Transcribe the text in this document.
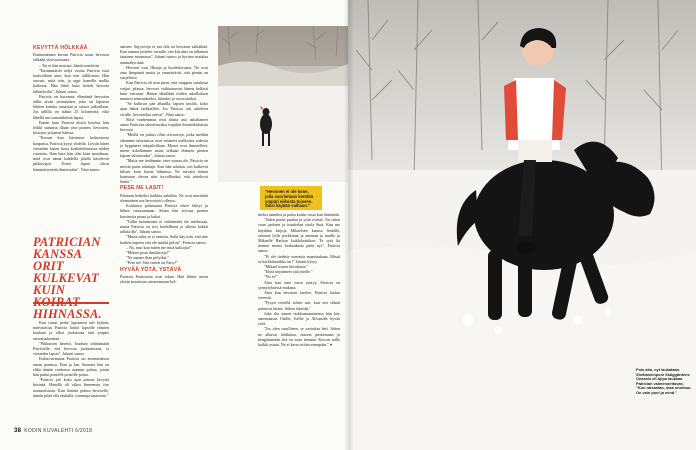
KEVYTTÄ HÖLKKÄÄ

Ensimmäinen kerran Patricia nousi hevosen selkään yksivuotiaana.

– Tai ei hän noussut, häntä nostettiin.

"Ensimmäiset neljä vuotta Patricia istui hartioillaan aina, kun tein talliltomia. Hän seurasi, mitä tein, ja oppi kamelle mallia kaikesta. Hän lähtö kuin hoiteli hevosia tähtäyksiltä", Juhani sanoo.

Patricia on kasvanut elämänsä hevosten tallin aivan ymmärtäen, joka on lapsesta lähtien kuinka ratsastaa ja seisoa jalkoillaan. Jos tallilla on isäkin 25 kilometriä, eikä lähellä asu samanikäistä lapsia.

Ennen kuin Patricia aloitti koulun, hän leikki samassa illaan vain ponien, hevosten, kissojen ja kanen kanssa.

"Kerran kun kävimme keskustassa kaupassa, Patricia kysyi yhdeltä. Löysin hänet vieraiden lasten luota koskettelemassa niiden vaatteita. Ihan kuin hän olisi kuin maailman, mitä ovat nämä kahdella jalalla kävelevät pikkuyypit. Toiset lapset olivat hämmästyneitä ihmeissään", Nina sanoo.

PATRICIAN KANSSA ORIT KULKEVAT KUIN HIHNASSA.

Kun tutusi perhe lapsineen tuli kylään, naiivuoitias Patricia laittoi lapselle ritmien kaulaan ja alkoi juoksuttaa tätä ympäri ratsastuskenttää.

"Pikkuisen hävetti. Jouduin selittämään Patricialle, että hevosia juoksutetaan, ei vieraiden lapsia", Juhani sanoo.

Kaksivuotiaana Patricia sai ensimmäisen oman poninsa, Pian ja Ian. Suomea hän on ehkä tämän vanhassa osannut puhua, jotain hän puhui poneille poneille ponia.

"Patricia piti koko ajan pienoa kevyttä hörinää. Hänellä oli oikea lämeemäy itse taomnoistaan. Kun hänitin puhuu hevoselle, tämän pitää olla rauhalla, tummuja tasaisena."

sanoen. Säyyresija ei saa olla tai hevonen säikähtää. Kun tamma juttelee varsalle, sen kin ääni on tällainen tasainen muunassa", Juhani sanoo ja hyrisee matalaa tammahyrinää.

Hevoset ovat Ilkoaja ja huolehtivaista. Ne ovat aina lämpimiä muita ja ymmärtävät, että pienin on suojeltava.

Kun Patricia oli niin pieni, että vauppuu satulassa vaijari jalassa, hevoset vaihtaaturvat hänen hellästi kuin vauvaan. Hänen lähellään niiden askelluksen muuttui tomeaakseksi, hitaaksi ja varovaiseksi.

"Se kulkivat pää alhaalla, lapsen tasolla, koko ajan häntä tarkkaillen. Jos Patricia otti askeleen sivulle, hevosetkin ottivat", Nina sanoo.

Siksi vanhemmat ovat alusta asti uskaltaneet antaa Patrician talutettavaksi isojakin ihmisiläiskuisia hevosia.

"Meillä on joskus ollut ortvaavoja, jotka meidän aikamme taluttaessa ovat vetäneet melkoista rodeota ja hyppineet takajaloillaan. Monet ovat ihmetelleet, miten uskallamme antaa selkaan elämien pienen lapsen taluttavaksi", Juhani sanoo.

"Mutta me tiedämme, ettei vaaraa ole. Patricia on meistä paras taluttaja. Kun hän taluttaa, orit kulkevat kiltisti kuin koirat hihnassa. Ne turvaisi hänen kanssaan olevaa niin turvalliseksi, että tottelevat häntä."

PESE NE LASIT!

Palataan hetkeksi kaikkia aaloihin. Ne ovat mmittäin olennainen osa hevostyttö ollessa.

Koulunsa palattuaan Patricia tekee läksyt ja lähtee ratsastamaan. Sitten hän siivoaa ponien karsinoita pinaa ja kakat.

"Tallin hoitaminen ei väittämättä ole mielussaa, mutta Patricia on tosi huolellinen ja oikeaa kakkii talfatoilla", Juhani sanoo.

"Mutta sulta se ei onnistu. Sulla käy niin, että mie kaiken tarpeen että ole minkä pöliin", Patricia sanoo.

– No, mut kun miten me mitä kaksojia!"

"Miksei pistä ilmiläaseja?"

"Ne menee ihan pölyiksi."

"Pese ne! Sitä varten on Fairy!"

HYVÄÄ YÖTÄ, YSTÄVÄ

Paraista Patriciasta ovat rekan. Hän lähtee aseen ykstin maastoon ratsastamaan kol-

"Hevonen ei ole kone, jolla suoritetaan kenttää ympäri viikosta toiseen. Siksi käyään valitaan."

meksi tunniksi ja palaa kotiin vasta kun hämärtää.

"Siden ponin puuhat ja syön evästä. Tai sitten vaan juoksen ja istuskelan sirola Sinä. Kun me käydään kirjoja Mikaelsen kanssa lenkillä, otimme lyöle porkkanat ja omenan ja muille ja Mikaelle Harbon kaikkilaattikon. Te syöt kä tiennet monta kaikaukaita paitä nyt", Patricia sanoo.

"Ei ole tiedetty mnoesta maastaakaan. Missä se karkkilaatikko on?" Juhani kysyy.

"Mikael toisen hävaltasta."

"Etteä näytämeet sitä mielle."

"No ei!"

Aina kun omé varsa syntyy, Patricia on synnytyksessä mukana.

Aina kun hevonen kuolee, Patricia lauluu vierestä.

"Pysyn vierellä siihen asti, kun sen silmät painuvat kiinni. Siihen itkettää."

Joka ilta ennen nukkumaanmenoa hän käy sanomaassa Ottille, Ivillie ja Alfonsille hyvää yötä.

"Jos olen surullinen, se vastuttaa heti. Sitten ne alkavat lohduttaa, nuuvat puskemaan ja hengittämään sitä en vaan tiennän. Kerron niille kaikki asiani. Ne ei kerro niitän eteenpäin." ♦

38 KODIN KUVALEHTI 6/2018
Pois alta, nyt laukataan. Shetlanninponi Skäggärdens Onassis eli Ajipa laukkaa Patrician valmennettavan. "Kun ratsastan, maa unohtuu. On vain poni ja minä."
